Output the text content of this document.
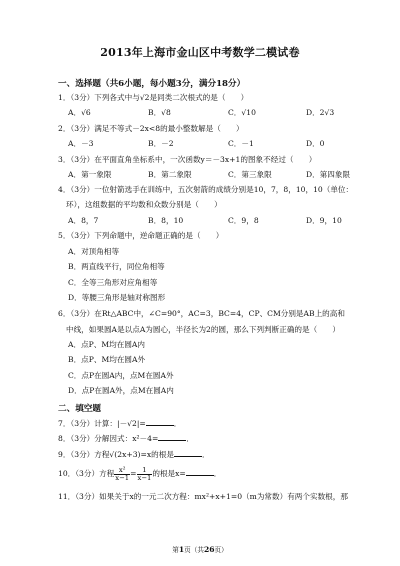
2013年上海市金山区中考数学二模试卷
一、选择题（共6小题，每小题3分，满分18分）
1．（3分）下列各式中与√2是同类二次根式的是（　　）
A．√6	B．√8	C．√10	D．2√3
2．（3分）满足不等式－2x<8的最小整数解是（　　）
A．－3	B．－2	C．－1	D．0
3．（3分）在平面直角坐标系中，一次函数y＝－3x+1的图象不经过（　　）
A．第一象限	B．第二象限	C．第三象限	D．第四象限
4．（3分）一位射箭选手在训练中，五次射箭的成绩分别是10，7，8，10，10（单位：
环），这组数据的平均数和众数分别是（　　）
A．8，7	B．8，10	C．9，8	D．9，10
5．（3分）下列命题中，逆命题正确的是（　　）
A．对顶角相等
B．两直线平行，同位角相等
C．全等三角形对应角相等
D．等腰三角形是轴对称图形
6．（3分）在Rt△ABC中，∠C=90°，AC=3，BC=4，CP、CM分别是AB上的高和
中线，如果圆A是以点A为圆心，半径长为2的圆，那么下列判断正确的是（　　）
A．点P、M均在圆A内
B．点P、M均在圆A外
C．点P在圆A内，点M在圆A外
D．点P在圆A外，点M在圆A内
二、填空题
7．（3分）计算：|－√2|=	．
8．（3分）分解因式：x²－4=	．
9．（3分）方程√(2x+3)=x的根是	．
10．（3分）方程 $\frac{\text{x²}}{x-1} = \frac{1}{x-1}$ 的根是x=	．
11．（3分）如果关于x的一元二次方程：mx²+x+1=0（m为常数）有两个实数根，那
第1页（共26页）
